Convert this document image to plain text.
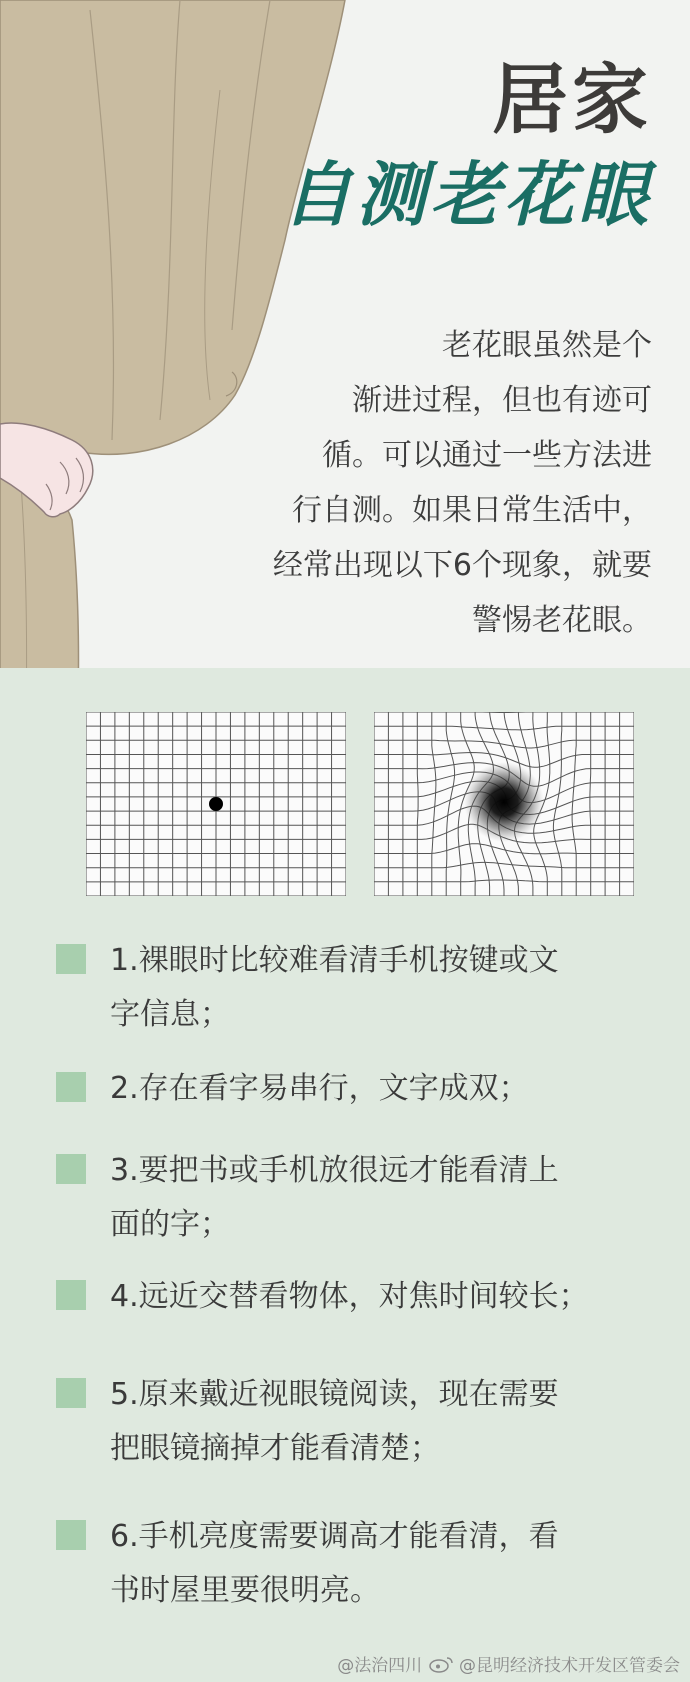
居家
自测老花眼
老花眼虽然是个
渐进过程，但也有迹可
循。可以通过一些方法进
行自测。如果日常生活中，
经常出现以下6个现象，就要
警惕老花眼。
1.裸眼时比较难看清手机按键或文
字信息；
2.存在看字易串行，文字成双；
3.要把书或手机放很远才能看清上
面的字；
4.远近交替看物体，对焦时间较长；
5.原来戴近视眼镜阅读，现在需要
把眼镜摘掉才能看清楚；
6.手机亮度需要调高才能看清，看
书时屋里要很明亮。
@法治四川 @昆明经济技术开发区管委会
